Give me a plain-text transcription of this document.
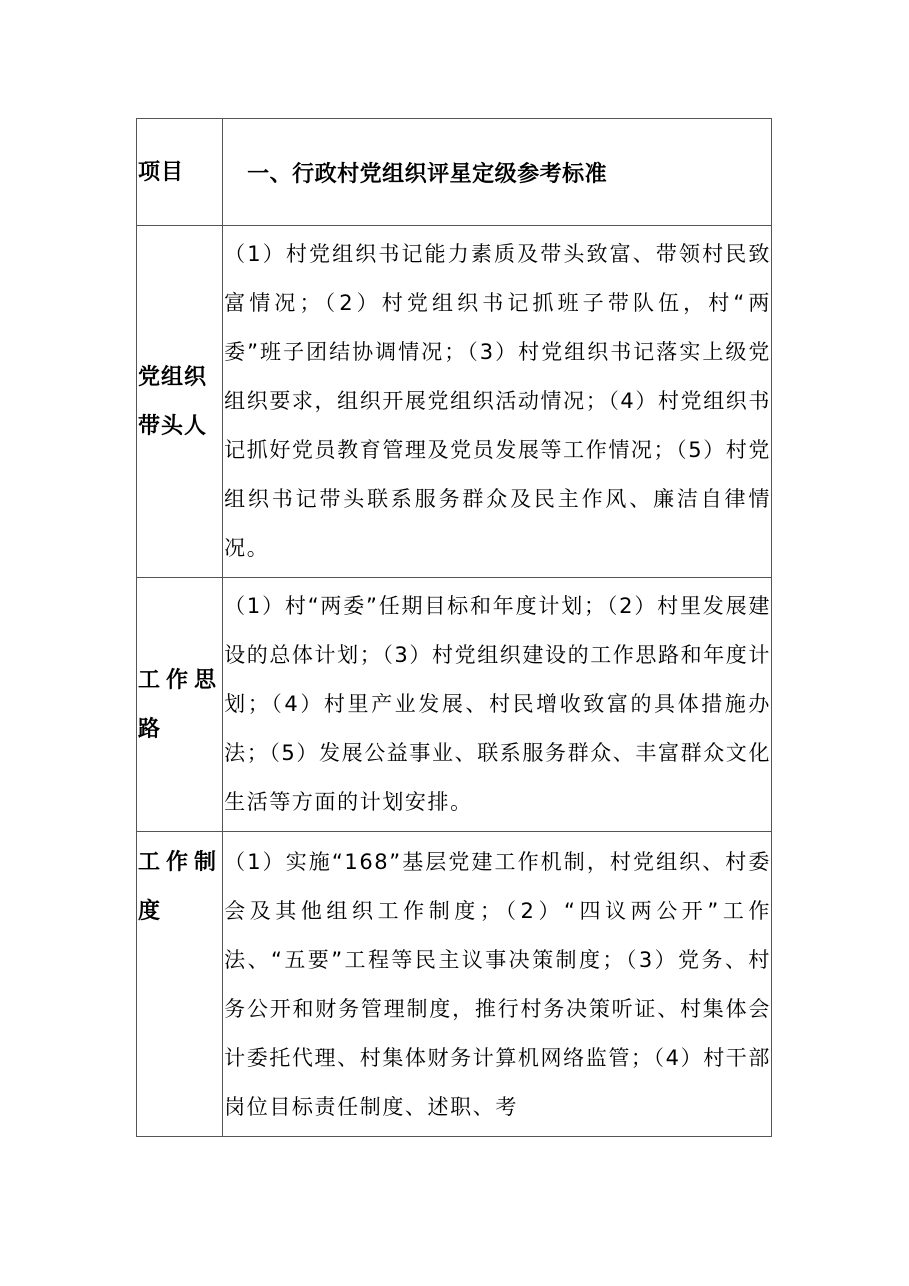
项目	一、行政村党组织评星定级参考标准

党组织带头人	（1）村党组织书记能力素质及带头致富、带领村民致富情况；（2）村党组织书记抓班子带队伍，村“两委”班子团结协调情况；（3）村党组织书记落实上级党组织要求，组织开展党组织活动情况；（4）村党组织书记抓好党员教育管理及党员发展等工作情况；（5）村党组织书记带头联系服务群众及民主作风、廉洁自律情况。

工作思路	（1）村“两委”任期目标和年度计划；（2）村里发展建设的总体计划；（3）村党组织建设的工作思路和年度计划；（4）村里产业发展、村民增收致富的具体措施办法；（5）发展公益事业、联系服务群众、丰富群众文化生活等方面的计划安排。

工作制度	（1）实施“168”基层党建工作机制，村党组织、村委会及其他组织工作制度；（2）“四议两公开”工作法、“五要”工程等民主议事决策制度；（3）党务、村务公开和财务管理制度，推行村务决策听证、村集体会计委托代理、村集体财务计算机网络监管；（4）村干部岗位目标责任制度、述职、考
